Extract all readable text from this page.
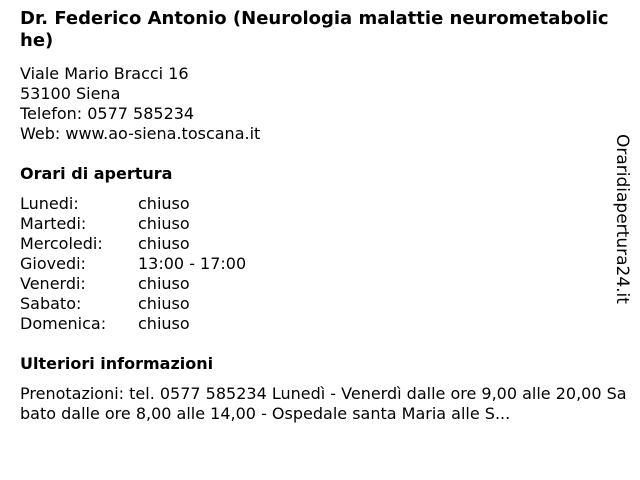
Dr. Federico Antonio (Neurologia malattie neurometaboliche)
Viale Mario Bracci 16
53100 Siena
Telefon: 0577 585234
Web: www.ao-siena.toscana.it
Orari di apertura
Lunedi:	chiuso
Martedi:	chiuso
Mercoledi:	chiuso
Giovedi:	13:00 - 17:00
Venerdi:	chiuso
Sabato:	chiuso
Domenica:	chiuso
Ulteriori informazioni
Prenotazioni: tel. 0577 585234 Lunedì - Venerdì dalle ore 9,00 alle 20,00 Sabato dalle ore 8,00 alle 14,00 - Ospedale santa Maria alle S...
Oraridiapertura24.it
